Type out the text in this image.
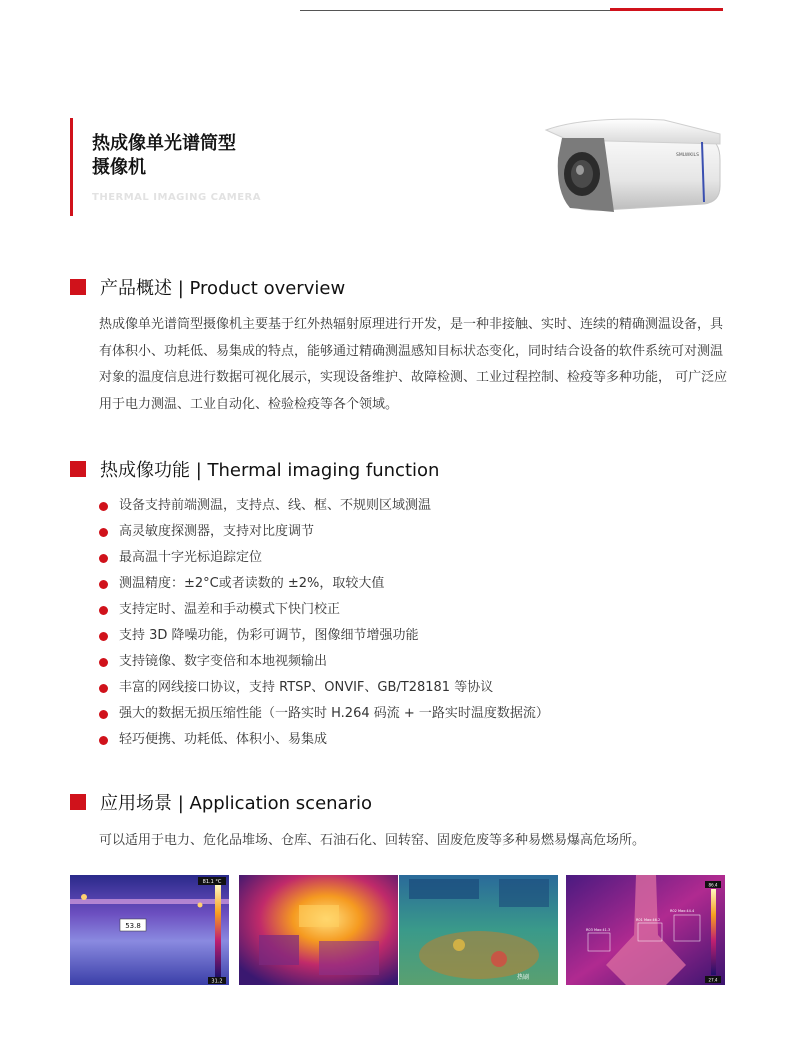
热成像单光谱筒型
摄像机
THERMAL IMAGING CAMERA
SMLWKILS
产品概述 | Product overview
热成像单光谱筒型摄像机主要基于红外热辐射原理进行开发，是一种非接触、实时、连续的精确测温设备，具有体积小、功耗低、易集成的特点，能够通过精确测温感知目标状态变化，同时结合设备的软件系统可对测温对象的温度信息进行数据可视化展示，实现设备维护、故障检测、工业过程控制、检疫等多种功能， 可广泛应用于电力测温、工业自动化、检验检疫等各个领域。
热成像功能 | Thermal imaging function
设备支持前端测温，支持点、线、框、不规则区域测温
高灵敏度探测器，支持对比度调节
最高温十字光标追踪定位
测温精度：±2°C或者读数的 ±2%，取较大值
支持定时、温差和手动模式下快门校正
支持 3D 降噪功能，伪彩可调节，图像细节增强功能
支持镜像、数字变倍和本地视频输出
丰富的网线接口协议，支持 RTSP、ONVIF、GB/T28181 等协议
强大的数据无损压缩性能（一路实时 H.264 码流 + 一路实时温度数据流）
轻巧便携、功耗低、体积小、易集成
应用场景 | Application scenario
可以适用于电力、危化品堆场、仓库、石油石化、回转窑、固废危废等多种易燃易爆高危场所。
53.8
81.1 °C
31.2
热刷
R03 Max:41.3
R01 Max:46.2
R02 Max:44.4
86.4
27.4
